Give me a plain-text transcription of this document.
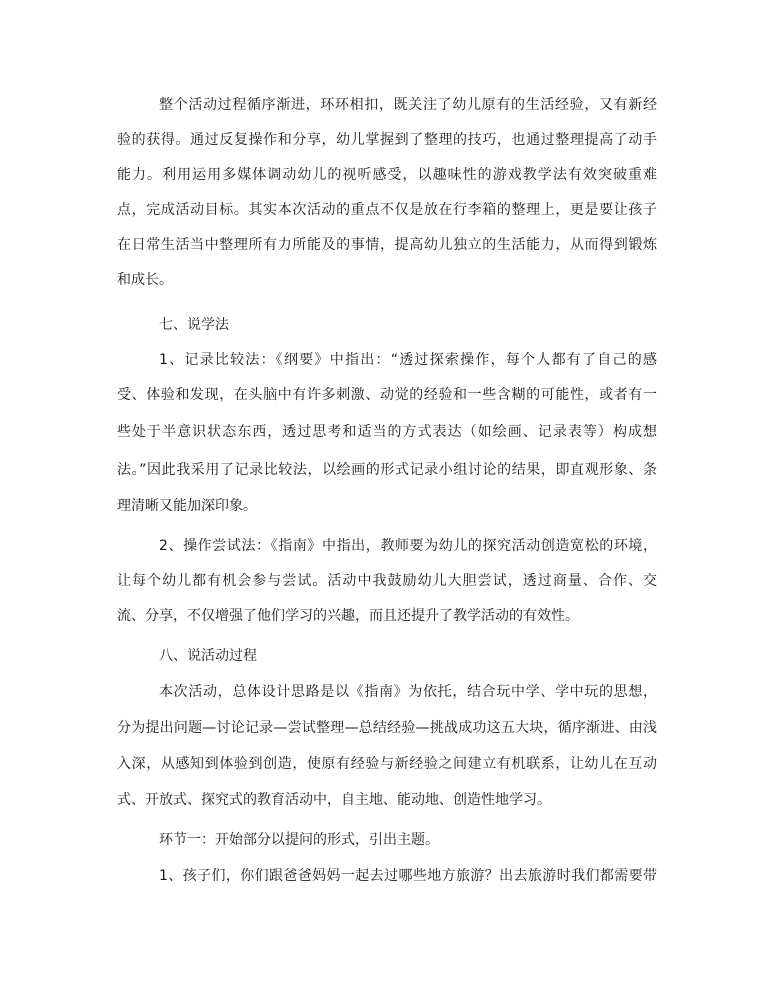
整个活动过程循序渐进，环环相扣，既关注了幼儿原有的生活经验，又有新经
验的获得。通过反复操作和分享，幼儿掌握到了整理的技巧，也通过整理提高了动手
能力。利用运用多媒体调动幼儿的视听感受，以趣味性的游戏教学法有效突破重难
点，完成活动目标。其实本次活动的重点不仅是放在行李箱的整理上，更是要让孩子
在日常生活当中整理所有力所能及的事情，提高幼儿独立的生活能力，从而得到锻炼
和成长。
七、说学法
1、记录比较法：《纲要》中指出：“透过探索操作，每个人都有了自己的感
受、体验和发现，在头脑中有许多刺激、动觉的经验和一些含糊的可能性，或者有一
些处于半意识状态东西，透过思考和适当的方式表达（如绘画、记录表等）构成想
法。”因此我采用了记录比较法，以绘画的形式记录小组讨论的结果，即直观形象、条
理清晰又能加深印象。
2、操作尝试法：《指南》中指出，教师要为幼儿的探究活动创造宽松的环境，
让每个幼儿都有机会参与尝试。活动中我鼓励幼儿大胆尝试，透过商量、合作、交
流、分享，不仅增强了他们学习的兴趣，而且还提升了教学活动的有效性。
八、说活动过程
本次活动，总体设计思路是以《指南》为依托，结合玩中学、学中玩的思想，
分为提出问题—讨论记录—尝试整理—总结经验—挑战成功这五大块，循序渐进、由浅
入深，从感知到体验到创造，使原有经验与新经验之间建立有机联系，让幼儿在互动
式、开放式、探究式的教育活动中，自主地、能动地、创造性地学习。
环节一：开始部分以提问的形式，引出主题。
1、孩子们，你们跟爸爸妈妈一起去过哪些地方旅游？出去旅游时我们都需要带
